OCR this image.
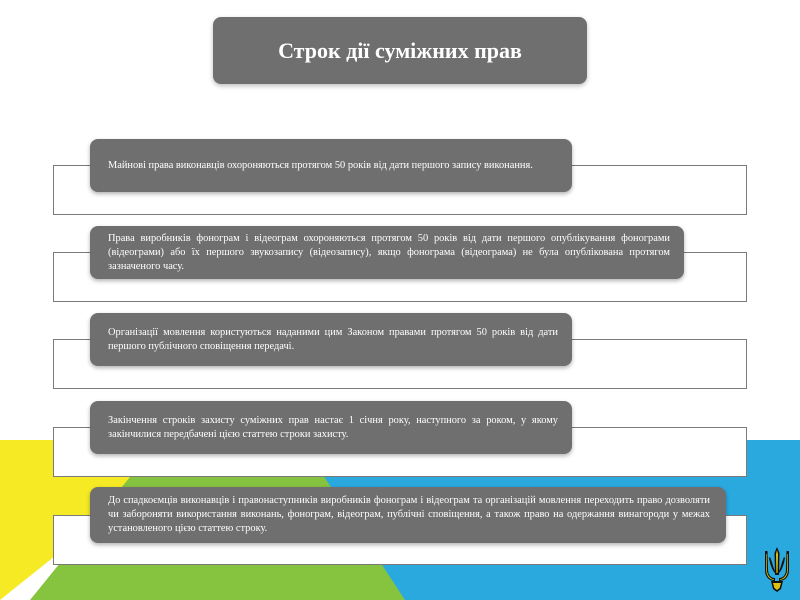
Строк дії суміжних прав
Майнові права виконавців охороняються протягом 50 років від дати першого запису виконання.
Права виробників фонограм і відеограм охороняються протягом 50 років від дати першого опублікування фонограми (відеограми) або їх першого звукозапису (відеозапису), якщо фонограма (відеограма) не була опублікована протягом зазначеного часу.
Організації мовлення користуються наданими цим Законом правами протягом 50 років від дати першого публічного сповіщення передачі.
Закінчення строків захисту суміжних прав настає 1 січня року, наступного за роком, у якому закінчилися передбачені цією статтею строки захисту.
До спадкоємців виконавців і правонаступників виробників фонограм і відеограм та організацій мовлення переходить право дозволяти чи забороняти використання виконань, фонограм, відеограм, публічні сповіщення, а також право на одержання винагороди у межах установленого цією статтею строку.
